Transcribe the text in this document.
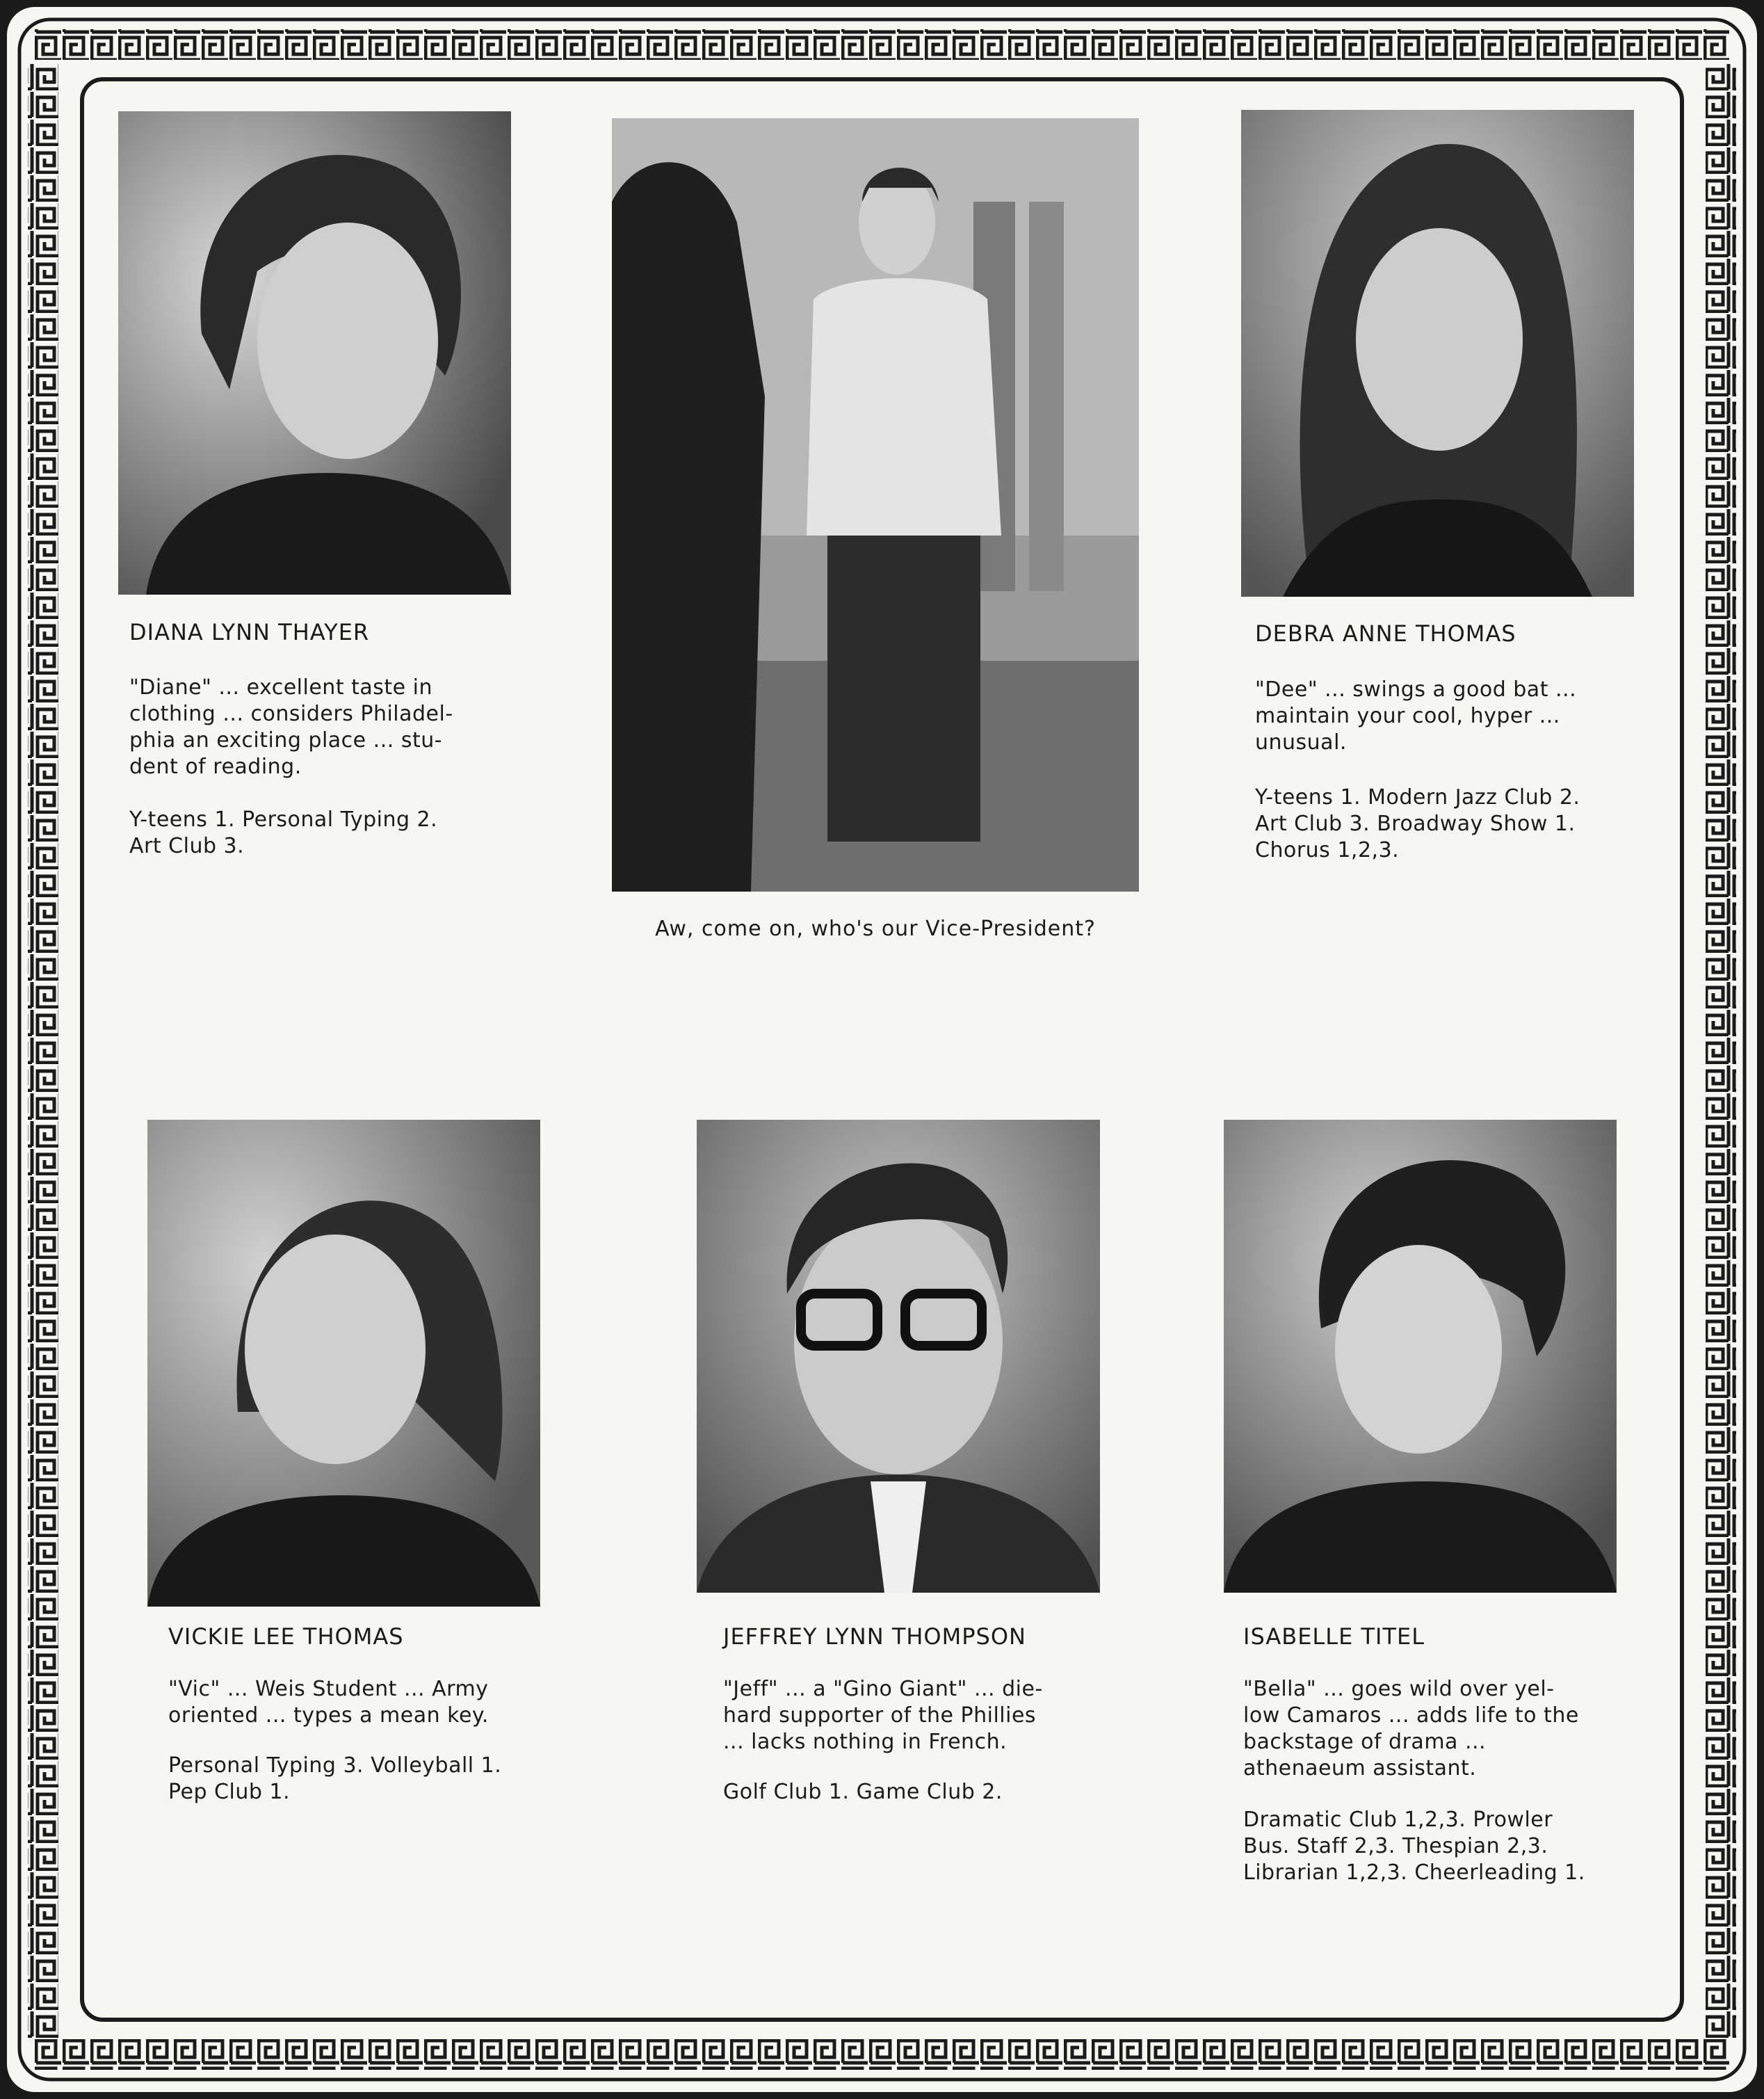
DIANA LYNN THAYER
"Diane" ... excellent taste in
clothing ... considers Philadel-
phia an exciting place ... stu-
dent of reading.
Y-teens 1. Personal Typing 2.
Art Club 3.
Aw, come on, who's our Vice-President?
DEBRA ANNE THOMAS
"Dee" ... swings a good bat ...
maintain your cool, hyper ...
unusual.
Y-teens 1. Modern Jazz Club 2.
Art Club 3. Broadway Show 1.
Chorus 1,2,3.
VICKIE LEE THOMAS
"Vic" ... Weis Student ... Army
oriented ... types a mean key.
Personal Typing 3. Volleyball 1.
Pep Club 1.
JEFFREY LYNN THOMPSON
"Jeff" ... a "Gino Giant" ... die-
hard supporter of the Phillies
... lacks nothing in French.
Golf Club 1. Game Club 2.
ISABELLE TITEL
"Bella" ... goes wild over yel-
low Camaros ... adds life to the
backstage of drama ...
athenaeum assistant.
Dramatic Club 1,2,3. Prowler
Bus. Staff 2,3. Thespian 2,3.
Librarian 1,2,3. Cheerleading 1.
